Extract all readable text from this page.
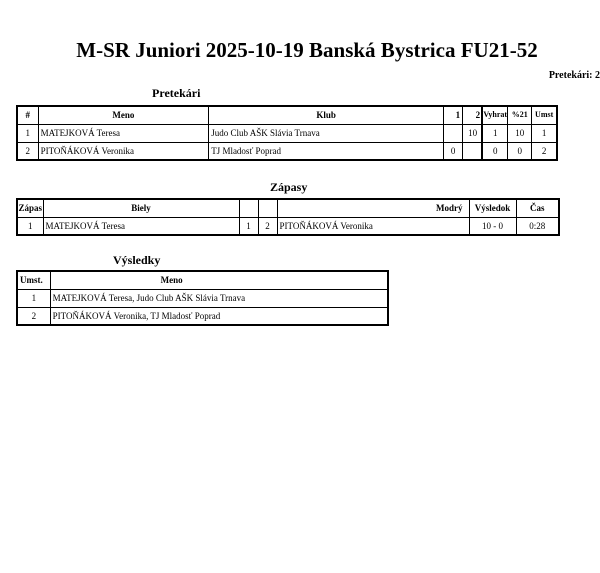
M-SR Juniori 2025-10-19 Banská Bystrica FU21-52
Pretekári: 2
Pretekári
#	Meno	Klub	1	2	Vyhrat	%21	Umst
1	MATEJKOVÁ Teresa	Judo Club AŠK Slávia Trnava		10	1	10	1
2	PITOŇÁKOVÁ Veronika	TJ Mladosť Poprad	0		0	0	2
Zápasy
Zápas	Biely			Modrý	Výsledok	Čas
1	MATEJKOVÁ Teresa	1	2	PITOŇÁKOVÁ Veronika	10 - 0	0:28
Výsledky
Umst.	Meno
1	MATEJKOVÁ Teresa, Judo Club AŠK Slávia Trnava
2	PITOŇÁKOVÁ Veronika, TJ Mladosť Poprad
